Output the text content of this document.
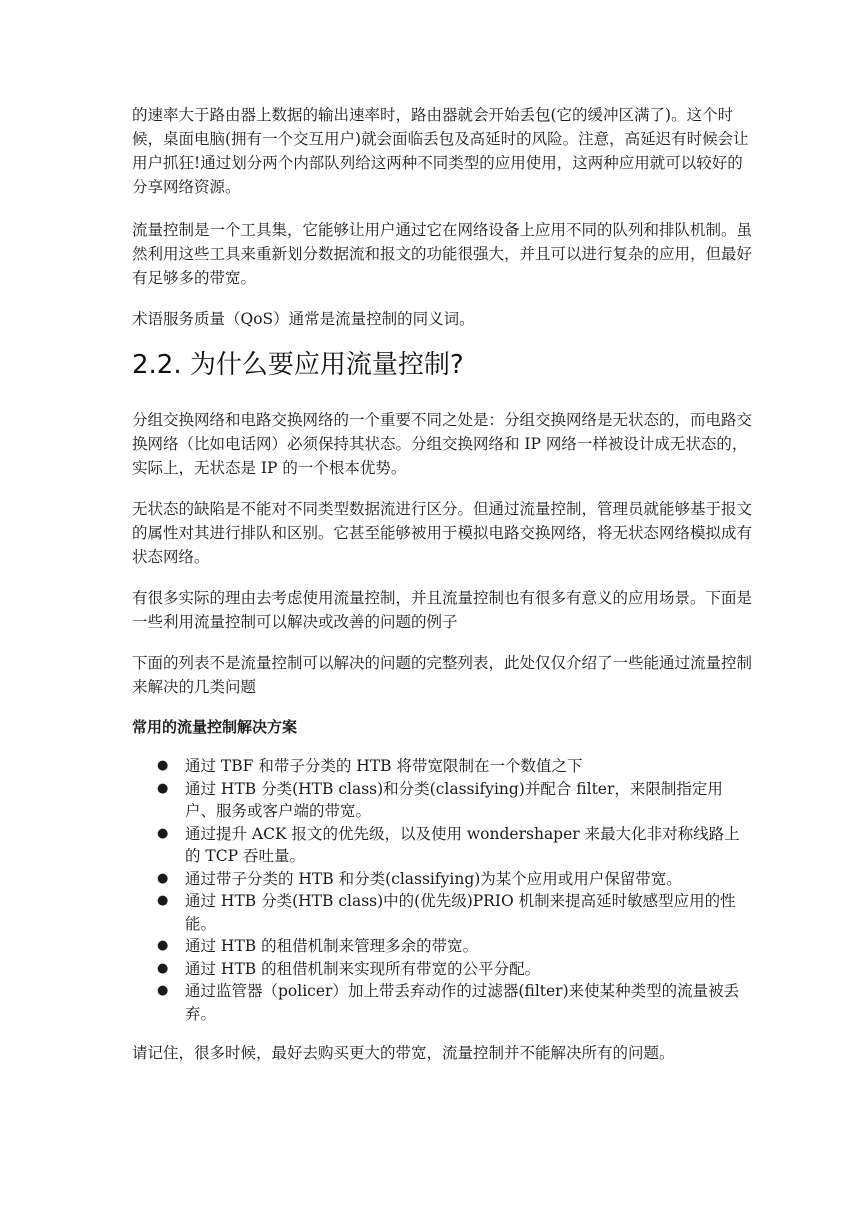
的速率大于路由器上数据的输出速率时，路由器就会开始丢包(它的缓冲区满了)。这个时候，桌面电脑(拥有一个交互用户)就会面临丢包及高延时的风险。注意，高延迟有时候会让用户抓狂!通过划分两个内部队列给这两种不同类型的应用使用，这两种应用就可以较好的分享网络资源。

流量控制是一个工具集，它能够让用户通过它在网络设备上应用不同的队列和排队机制。虽然利用这些工具来重新划分数据流和报文的功能很强大，并且可以进行复杂的应用，但最好有足够多的带宽。

术语服务质量（QoS）通常是流量控制的同义词。

2.2. 为什么要应用流量控制?

分组交换网络和电路交换网络的一个重要不同之处是：分组交换网络是无状态的，而电路交换网络（比如电话网）必须保持其状态。分组交换网络和 IP 网络一样被设计成无状态的，实际上，无状态是 IP 的一个根本优势。

无状态的缺陷是不能对不同类型数据流进行区分。但通过流量控制，管理员就能够基于报文的属性对其进行排队和区别。它甚至能够被用于模拟电路交换网络，将无状态网络模拟成有状态网络。

有很多实际的理由去考虑使用流量控制，并且流量控制也有很多有意义的应用场景。下面是一些利用流量控制可以解决或改善的问题的例子

下面的列表不是流量控制可以解决的问题的完整列表，此处仅仅介绍了一些能通过流量控制来解决的几类问题

常用的流量控制解决方案
● 通过 TBF 和带子分类的 HTB 将带宽限制在一个数值之下
● 通过 HTB 分类(HTB class)和分类(classifying)并配合 filter，来限制指定用户、服务或客户端的带宽。
● 通过提升 ACK 报文的优先级，以及使用 wondershaper 来最大化非对称线路上的 TCP 吞吐量。
● 通过带子分类的 HTB 和分类(classifying)为某个应用或用户保留带宽。
● 通过 HTB 分类(HTB class)中的(优先级)PRIO 机制来提高延时敏感型应用的性能。
● 通过 HTB 的租借机制来管理多余的带宽。
● 通过 HTB 的租借机制来实现所有带宽的公平分配。
● 通过监管器（policer）加上带丢弃动作的过滤器(filter)来使某种类型的流量被丢弃。

请记住，很多时候，最好去购买更大的带宽，流量控制并不能解决所有的问题。
